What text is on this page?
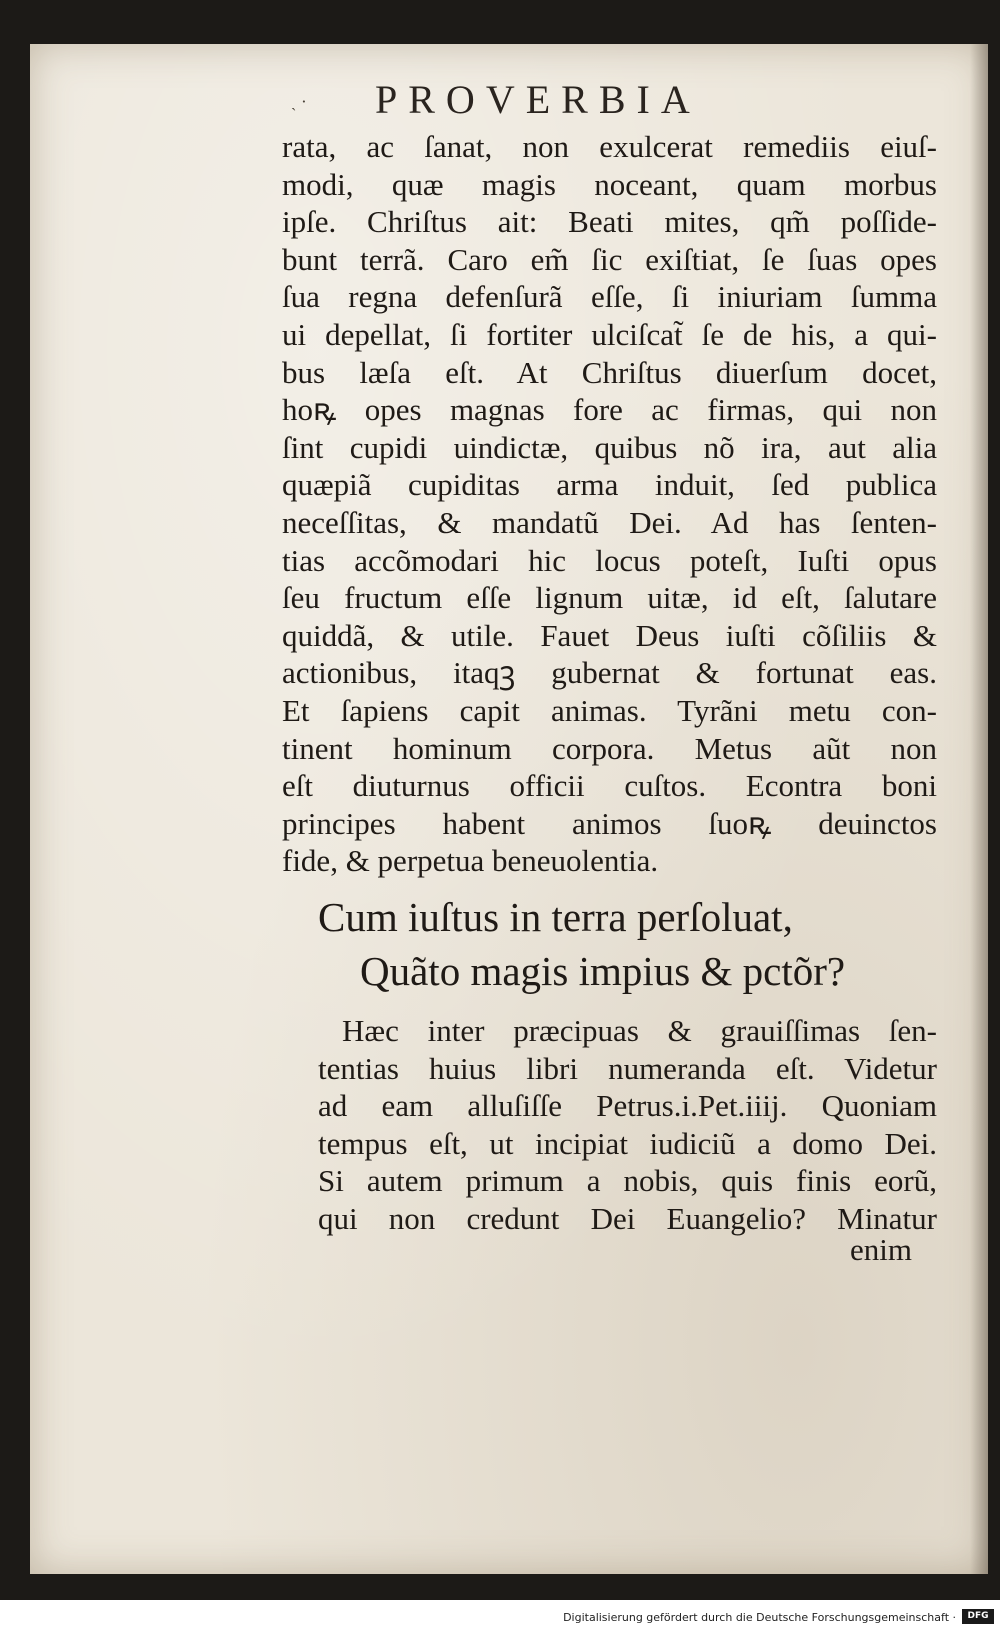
ˎ · PROVERBIA
rata, ac ſanat, non exulcerat remediis eiuſ-
modi, quæ magis noceant, quam morbus
ipſe. Chriſtus ait: Beati mites, qm̃ poſſide-
bunt terrã. Caro em̃ ſic exiſtiat, ſe ſuas opes
ſua regna defenſurã eſſe, ſi iniuriam ſumma
ui depellat, ſi fortiter ulciſcat̃ ſe de his, a qui-
bus læſa eſt. At Chriſtus diuerſum docet,
hoꝶ opes magnas fore ac firmas, qui non
ſint cupidi uindictæ, quibus nõ ira, aut alia
quæpiã cupiditas arma induit, ſed publica
neceſſitas, & mandatũ Dei. Ad has ſenten-
tias accõmodari hic locus poteſt, Iuſti opus
ſeu fructum eſſe lignum uitæ, id eſt, ſalutare
quiddã, & utile. Fauet Deus iuſti cõſiliis &
actionibus, itaqꝫ gubernat & fortunat eas.
Et ſapiens capit animas. Tyrãni metu con-
tinent hominum corpora. Metus aũt non
eſt diuturnus officii cuſtos. Econtra boni
principes habent animos ſuoꝶ deuinctos
fide, & perpetua beneuolentia.
Cum iuſtus in terra perſoluat,
Quãto magis impius & pctõr?
Hæc inter præcipuas & grauiſſimas ſen-
tentias huius libri numeranda eſt. Videtur
ad eam alluſiſſe Petrus.i.Pet.iiij. Quoniam
tempus eſt, ut incipiat iudiciũ a domo Dei.
Si autem primum a nobis, quis finis eorũ,
qui non credunt Dei Euangelio? Minatur
enim
Digitalisierung gefördert durch die Deutsche Forschungsgemeinschaft ·	DFG
